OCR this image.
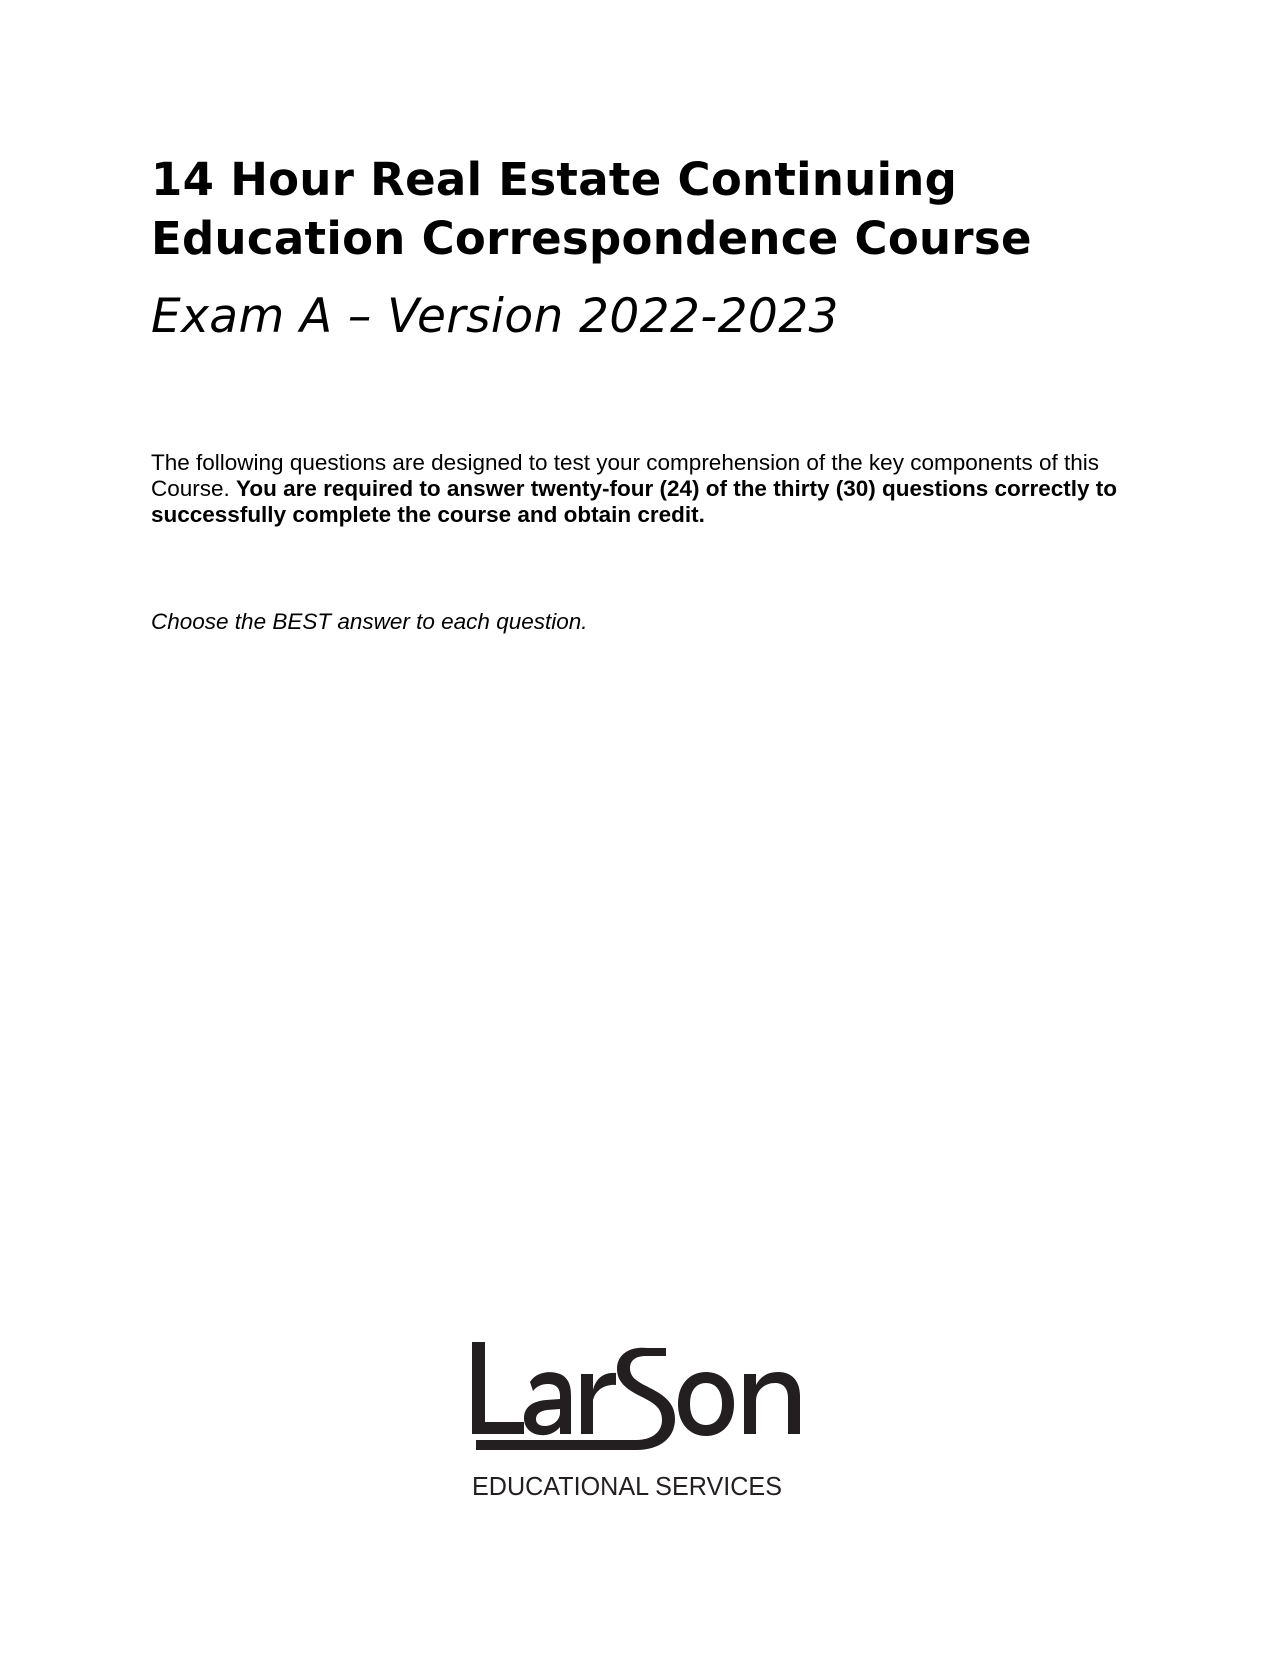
14 Hour Real Estate Continuing
Education Correspondence Course
Exam A – Version 2022-2023

The following questions are designed to test your comprehension of the key components of this Course. You are required to answer twenty-four (24) of the thirty (30) questions correctly to successfully complete the course and obtain credit.

Choose the BEST answer to each question.

EDUCATIONAL SERVICES
